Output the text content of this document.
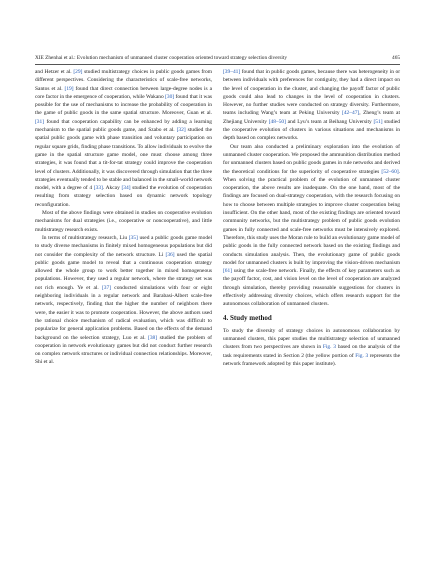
XIE Zhenhai et al.: Evolution mechanism of unmanned cluster cooperation oriented toward strategy selection diversity	465

and Hetzer et al. [29] studied multistrategy choices in public goods games from different perspectives. Considering the characteristics of scale-free networks, Santos et al. [19] found that direct connection between large-degree nodes is a core factor in the emergence of cooperation, while Wakano [30] found that it was possible for the use of mechanisms to increase the probability of cooperation in the game of public goods in the same spatial structure. Moreover, Guan et al. [31] found that cooperation capability can be enhanced by adding a learning mechanism to the spatial public goods game, and Szabo et al. [32] studied the spatial public goods game with phase transition and voluntary participation on regular square grids, finding phase transitions. To allow individuals to evolve the game in the spatial structure game model, one must choose among three strategies, it was found that a tit-for-tat strategy could improve the cooperation level of clusters. Additionally, it was discovered through simulation that the three strategies eventually tended to be stable and balanced in the small-world network model, with a degree of 4 [33]. Akcay [34] studied the evolution of cooperation resulting from strategy selection based on dynamic network topology reconfiguration.

Most of the above findings were obtained in studies on cooperative evolution mechanisms for dual strategies (i.e., cooperative or noncooperative), and little multistrategy research exists.

In terms of multistrategy research, Liu [35] used a public goods game model to study diverse mechanisms in finitely mixed homogeneous populations but did not consider the complexity of the network structure. Li [36] used the spatial public goods game model to reveal that a continuous cooperation strategy allowed the whole group to work better together in mixed homogeneous populations. However, they used a regular network, where the strategy set was not rich enough. Ye et al. [37] conducted simulations with four or eight neighboring individuals in a regular network and Barabasi-Albert scale-free network, respectively, finding that the higher the number of neighbors there were, the easier it was to promote cooperation. However, the above authors used the rational choice mechanism of radical evaluation, which was difficult to popularize for general application problems. Based on the effects of the demand background on the selection strategy, Luo et al. [38] studied the problem of cooperation in network evolutionary games but did not conduct further research on complex network structures or individual connection relationships. Moreover, Shi et al.

[39–41] found that in public goods games, because there was heterogeneity in or between individuals with preferences for contiguity, they had a direct impact on the level of cooperation in the cluster, and changing the payoff factor of public goods could also lead to changes in the level of cooperation in clusters. However, no further studies were conducted on strategy diversity. Furthermore, teams including Wang’s team at Peking University [42–47], Zheng’s team at Zhejiang University [48–50] and Lyu’s team at Beihang University [51] studied the cooperative evolution of clusters in various situations and mechanisms in depth based on complex networks.

Our team also conducted a preliminary exploration into the evolution of unmanned cluster cooperation. We proposed the ammunition distribution method for unmanned clusters based on public goods games in rule networks and derived the theoretical conditions for the superiority of cooperative strategies [52–60]. When solving the practical problem of the evolution of unmanned cluster cooperation, the above results are inadequate. On the one hand, most of the findings are focused on dual-strategy cooperation, with the research focusing on how to choose between multiple strategies to improve cluster cooperation being insufficient. On the other hand, most of the existing findings are oriented toward community networks, but the multistrategy problem of public goods evolution games in fully connected and scale-free networks must be intensively explored. Therefore, this study uses the Moran rule to build an evolutionary game model of public goods in the fully connected network based on the existing findings and conducts simulation analysis. Then, the evolutionary game of public goods model for unmanned clusters is built by improving the vision-driven mechanism [61] using the scale-free network. Finally, the effects of key parameters such as the payoff factor, cost, and vision level on the level of cooperation are analyzed through simulation, thereby providing reasonable suggestions for clusters in effectively addressing diversity choices, which offers research support for the autonomous collaboration of unmanned clusters.

4. Study method

To study the diversity of strategy choices in autonomous collaboration by unmanned clusters, this paper studies the multistrategy selection of unmanned clusters from two perspectives are shown in Fig. 3 based on the analysis of the task requirements stated in Section 2 (the yellow portion of Fig. 3 represents the network framework adopted by this paper institute).
